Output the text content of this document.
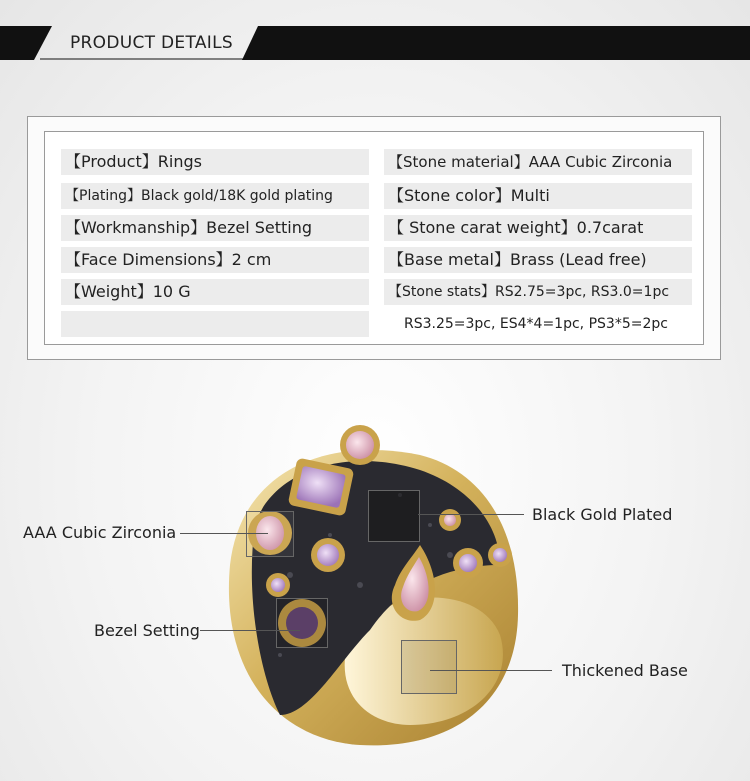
PRODUCT DETAILS
【Product】Rings
【Plating】Black gold/18K gold plating
【Workmanship】Bezel Setting
【Face Dimensions】2 cm
【Weight】10 G
【Stone material】AAA Cubic Zirconia
【Stone color】Multi
【 Stone carat weight】0.7carat
【Base metal】Brass (Lead free)
【Stone stats】RS2.75=3pc, RS3.0=1pc
RS3.25=3pc, ES4*4=1pc, PS3*5=2pc
AAA Cubic Zirconia
Black Gold Plated
Bezel Setting
Thickened Base
